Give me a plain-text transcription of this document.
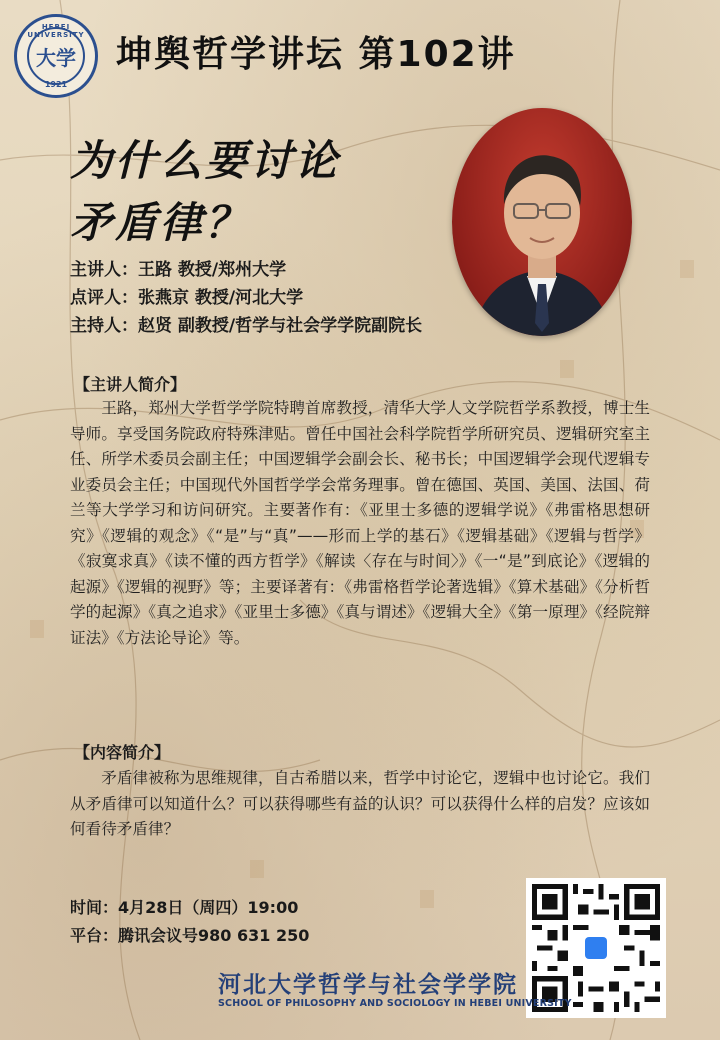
HEBEI UNIVERSITY
大学
1921
坤舆哲学讲坛 第102讲
为什么要讨论
矛盾律？
主讲人：王路 教授/郑州大学
点评人：张燕京 教授/河北大学
主持人：赵贤 副教授/哲学与社会学学院副院长
【主讲人简介】
王路，郑州大学哲学学院特聘首席教授，清华大学人文学院哲学系教授，博士生导师。享受国务院政府特殊津贴。曾任中国社会科学院哲学所研究员、逻辑研究室主任、所学术委员会副主任；中国逻辑学会副会长、秘书长；中国逻辑学会现代逻辑专业委员会主任；中国现代外国哲学学会常务理事。曾在德国、英国、美国、法国、荷兰等大学学习和访问研究。主要著作有：《亚里士多德的逻辑学说》《弗雷格思想研究》《逻辑的观念》《“是”与“真”——形而上学的基石》《逻辑基础》《逻辑与哲学》《寂寞求真》《读不懂的西方哲学》《解读〈存在与时间〉》《一“是”到底论》《逻辑的起源》《逻辑的视野》等；主要译著有：《弗雷格哲学论著选辑》《算术基础》《分析哲学的起源》《真之追求》《亚里士多德》《真与谓述》《逻辑大全》《第一原理》《经院辩证法》《方法论导论》等。
【内容简介】
矛盾律被称为思维规律，自古希腊以来，哲学中讨论它，逻辑中也讨论它。我们从矛盾律可以知道什么？可以获得哪些有益的认识？可以获得什么样的启发？应该如何看待矛盾律？
时间：4月28日（周四）19:00
平台：腾讯会议号980 631 250
河北大学哲学与社会学学院
SCHOOL OF PHILOSOPHY AND SOCIOLOGY IN HEBEI UNIVERSITY
